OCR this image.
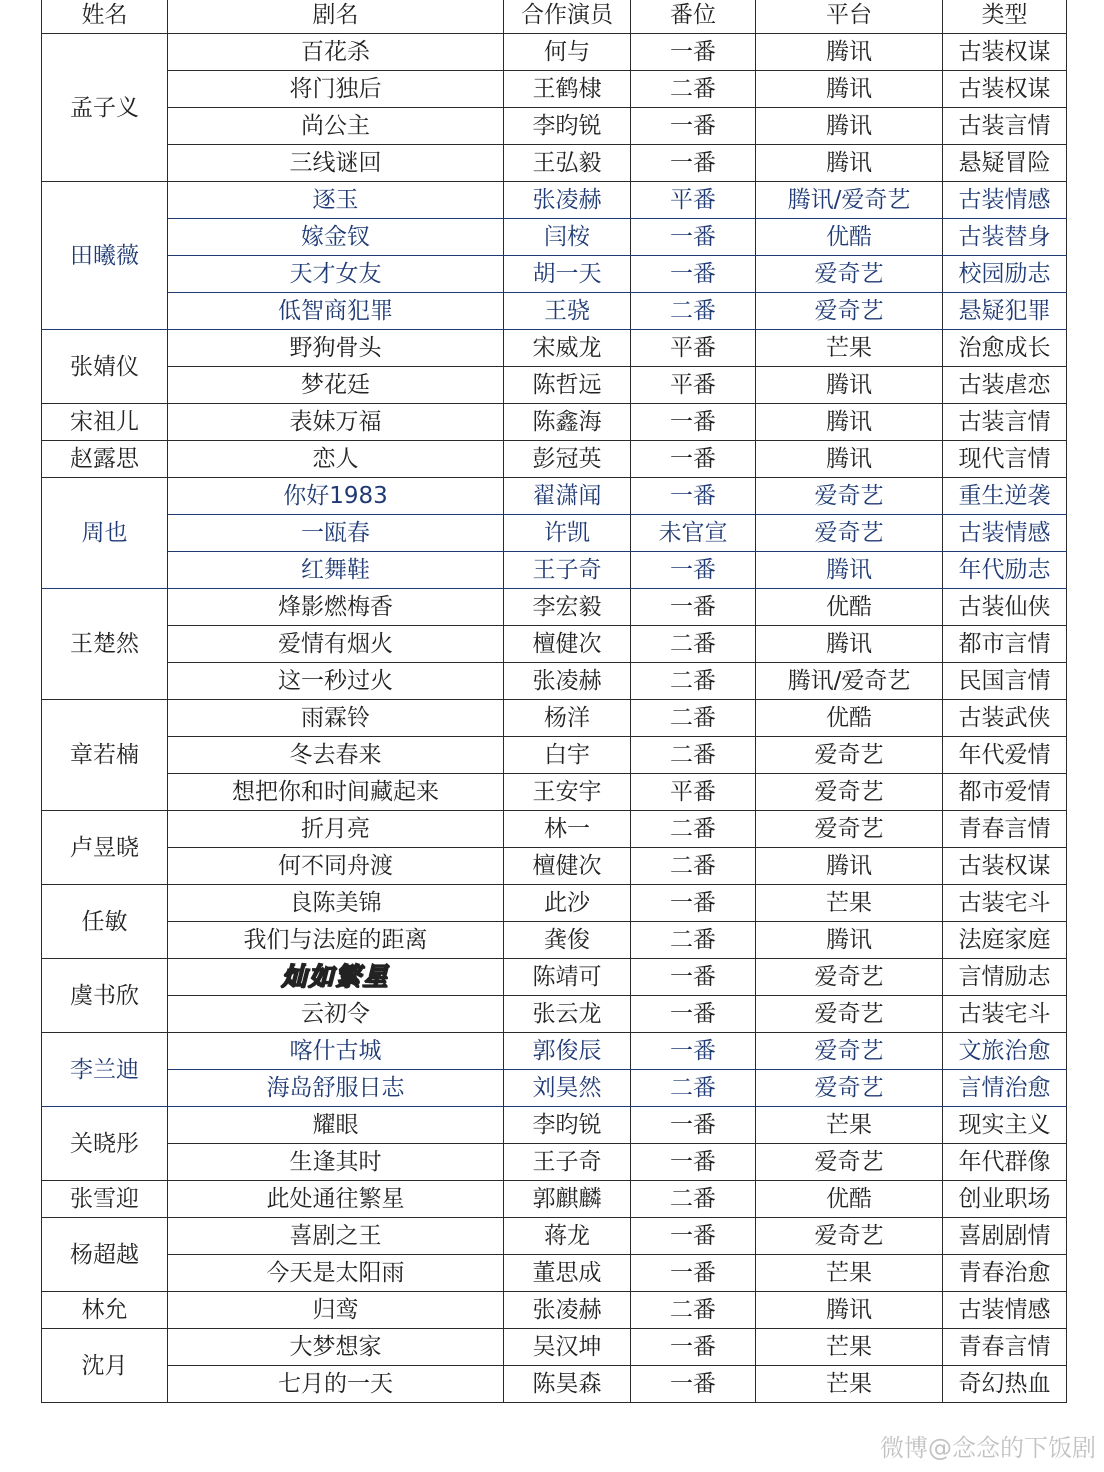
姓名	剧名	合作演员	番位	平台	类型
孟子义	百花杀	何与	一番	腾讯	古装权谋
	将门独后	王鹤棣	二番	腾讯	古装权谋
	尚公主	李昀锐	一番	腾讯	古装言情
	三线谜回	王弘毅	一番	腾讯	悬疑冒险
田曦薇	逐玉	张凌赫	平番	腾讯/爱奇艺	古装情感
	嫁金钗	闫桉	一番	优酷	古装替身
	天才女友	胡一天	一番	爱奇艺	校园励志
	低智商犯罪	王骁	二番	爱奇艺	悬疑犯罪
张婧仪	野狗骨头	宋威龙	平番	芒果	治愈成长
	梦花廷	陈哲远	平番	腾讯	古装虐恋
宋祖儿	表妹万福	陈鑫海	一番	腾讯	古装言情
赵露思	恋人	彭冠英	一番	腾讯	现代言情
周也	你好1983	翟潇闻	一番	爱奇艺	重生逆袭
	一瓯春	许凯	未官宣	爱奇艺	古装情感
	红舞鞋	王子奇	一番	腾讯	年代励志
王楚然	烽影燃梅香	李宏毅	一番	优酷	古装仙侠
	爱情有烟火	檀健次	二番	腾讯	都市言情
	这一秒过火	张凌赫	二番	腾讯/爱奇艺	民国言情
章若楠	雨霖铃	杨洋	二番	优酷	古装武侠
	冬去春来	白宇	二番	爱奇艺	年代爱情
	想把你和时间藏起来	王安宇	平番	爱奇艺	都市爱情
卢昱晓	折月亮	林一	二番	爱奇艺	青春言情
	何不同舟渡	檀健次	二番	腾讯	古装权谋
任敏	良陈美锦	此沙	一番	芒果	古装宅斗
	我们与法庭的距离	龚俊	二番	腾讯	法庭家庭
虞书欣	灿如繁星	陈靖可	一番	爱奇艺	言情励志
	云初令	张云龙	一番	爱奇艺	古装宅斗
李兰迪	喀什古城	郭俊辰	一番	爱奇艺	文旅治愈
	海岛舒服日志	刘昊然	二番	爱奇艺	言情治愈
关晓彤	耀眼	李昀锐	一番	芒果	现实主义
	生逢其时	王子奇	一番	爱奇艺	年代群像
张雪迎	此处通往繁星	郭麒麟	二番	优酷	创业职场
杨超越	喜剧之王	蒋龙	一番	爱奇艺	喜剧剧情
	今天是太阳雨	董思成	一番	芒果	青春治愈
林允	归鸾	张凌赫	二番	腾讯	古装情感
沈月	大梦想家	吴汉坤	一番	芒果	青春言情
	七月的一天	陈昊森	一番	芒果	奇幻热血
微博@念念的下饭剧
